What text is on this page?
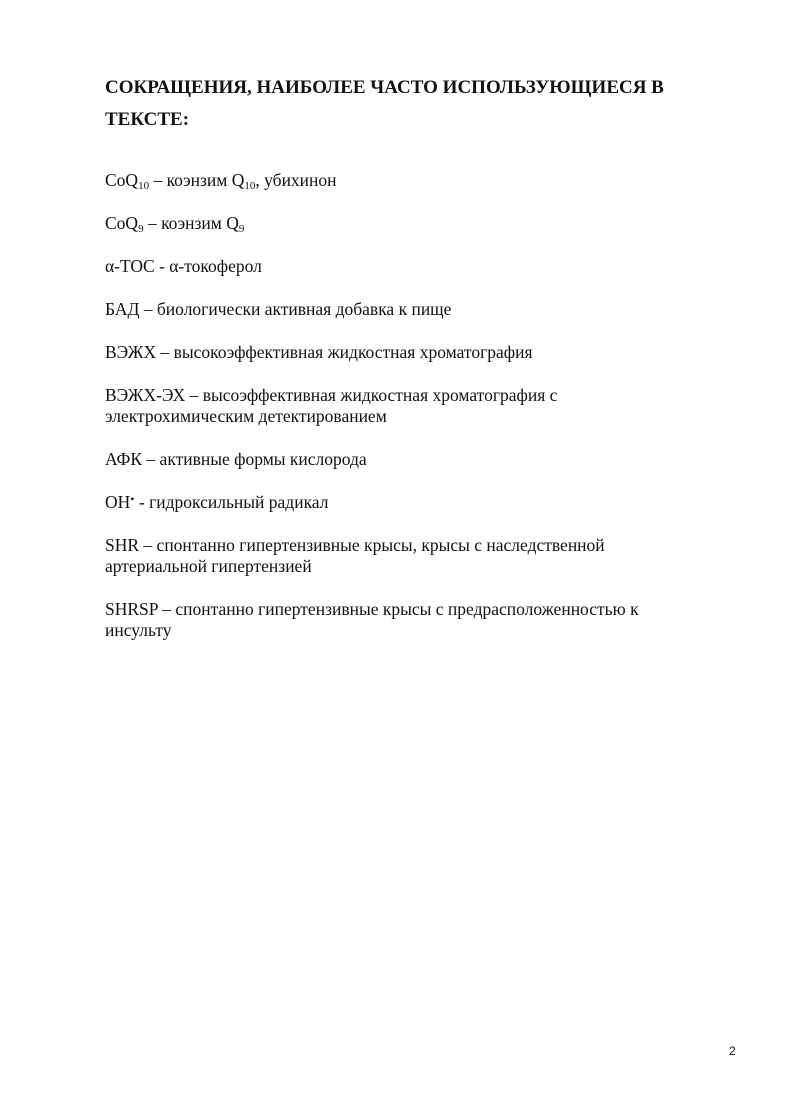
СОКРАЩЕНИЯ, НАИБОЛЕЕ ЧАСТО ИСПОЛЬЗУЮЩИЕСЯ В ТЕКСТЕ:
CoQ$_{10}$ – коэнзим $Q_{10}$, убихинон
CoQ$_9$ – коэнзим $Q_9$
α-TOC - α-токоферол
БАД – биологически активная добавка к пище
ВЭЖХ – высокоэффективная жидкостная хроматография
ВЭЖХ-ЭХ – высоэффективная жидкостная хроматография с электрохимическим детектированием
АФК – активные формы кислорода
OH• - гидроксильный радикал
SHR – спонтанно гипертензивные крысы, крысы с наследственной артериальной гипертензией
SHRSP – спонтанно гипертензивные крысы с предрасположенностью к инсульту
2
